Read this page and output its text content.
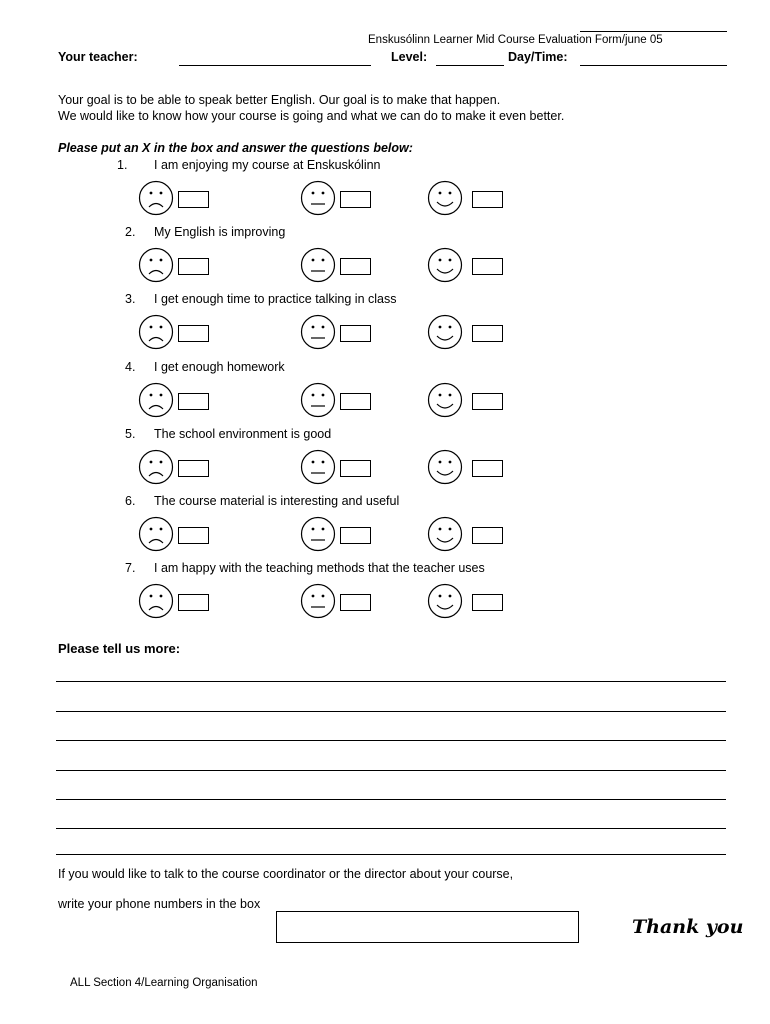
Enskusólinn Learner Mid Course Evaluation Form/june 05
Your teacher:	Level:	Day/Time:
Your goal is to be able to speak better English. Our goal is to make that happen.
We would like to know how your course is going and what we can do to make it even better.
Please put an X in the box and answer the questions below:
1. I am enjoying my course at Enskuskólinn
2. My English is improving
3. I get enough time to practice talking in class
4. I get enough homework
5. The school environment is good
6. The course material is interesting and useful
7. I am happy with the teaching methods that the teacher uses
Please tell us more:
If you would like to talk to the course coordinator or the director about your course,
write your phone numbers in the box
Thank you
ALL Section 4/Learning Organisation
